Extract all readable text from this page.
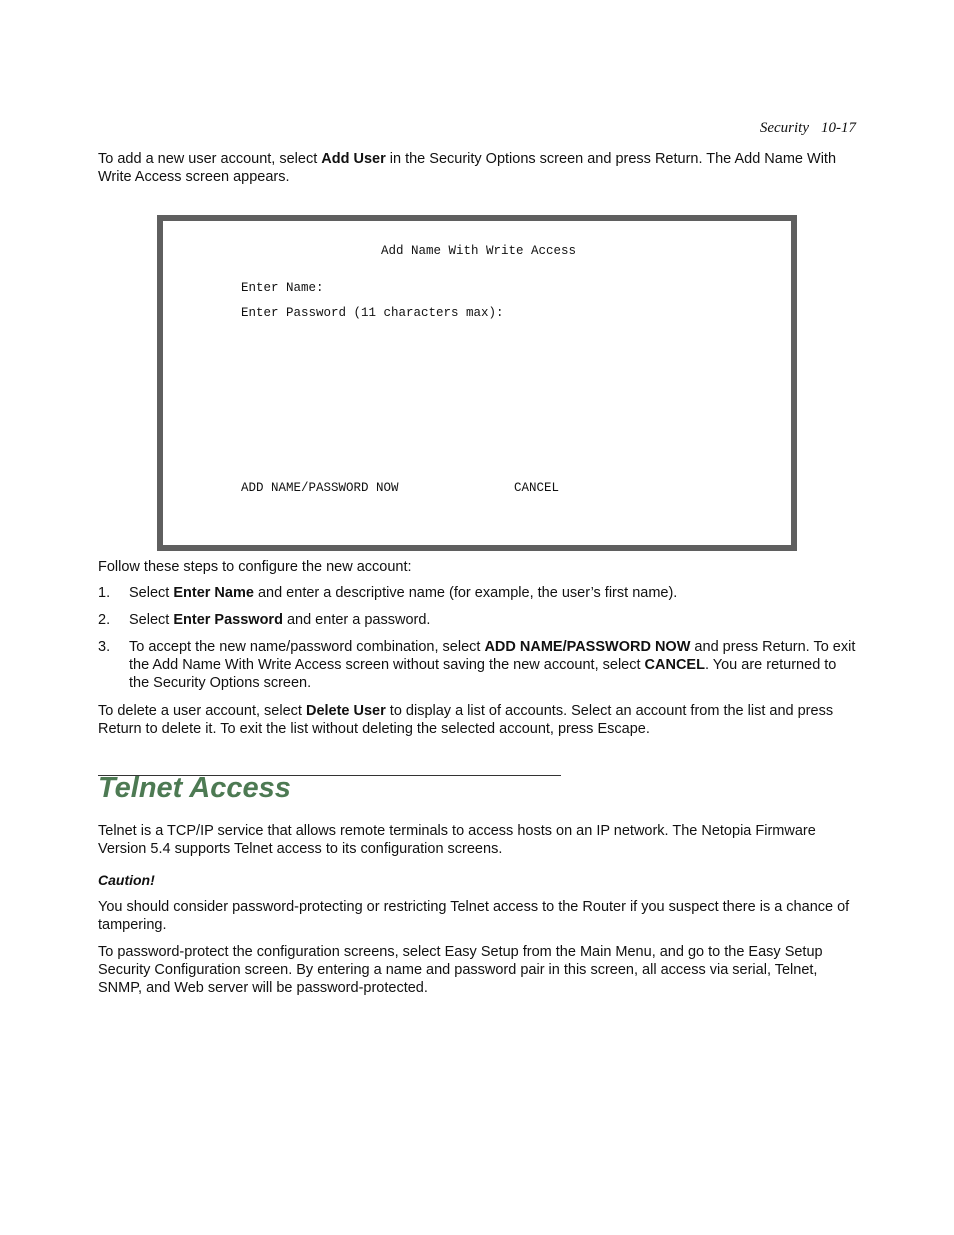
Security 10-17

To add a new user account, select Add User in the Security Options screen and press Return. The Add Name With Write Access screen appears.

Add Name With Write Access
Enter Name:
Enter Password (11 characters max):
ADD NAME/PASSWORD NOW	CANCEL

Follow these steps to configure the new account:

1. Select Enter Name and enter a descriptive name (for example, the user’s first name).
2. Select Enter Password and enter a password.
3. To accept the new name/password combination, select ADD NAME/PASSWORD NOW and press Return. To exit the Add Name With Write Access screen without saving the new account, select CANCEL. You are returned to the Security Options screen.

To delete a user account, select Delete User to display a list of accounts. Select an account from the list and press Return to delete it. To exit the list without deleting the selected account, press Escape.

Telnet Access

Telnet is a TCP/IP service that allows remote terminals to access hosts on an IP network. The Netopia Firmware Version 5.4 supports Telnet access to its configuration screens.

Caution!

You should consider password-protecting or restricting Telnet access to the Router if you suspect there is a chance of tampering.

To password-protect the configuration screens, select Easy Setup from the Main Menu, and go to the Easy Setup Security Configuration screen. By entering a name and password pair in this screen, all access via serial, Telnet, SNMP, and Web server will be password-protected.
